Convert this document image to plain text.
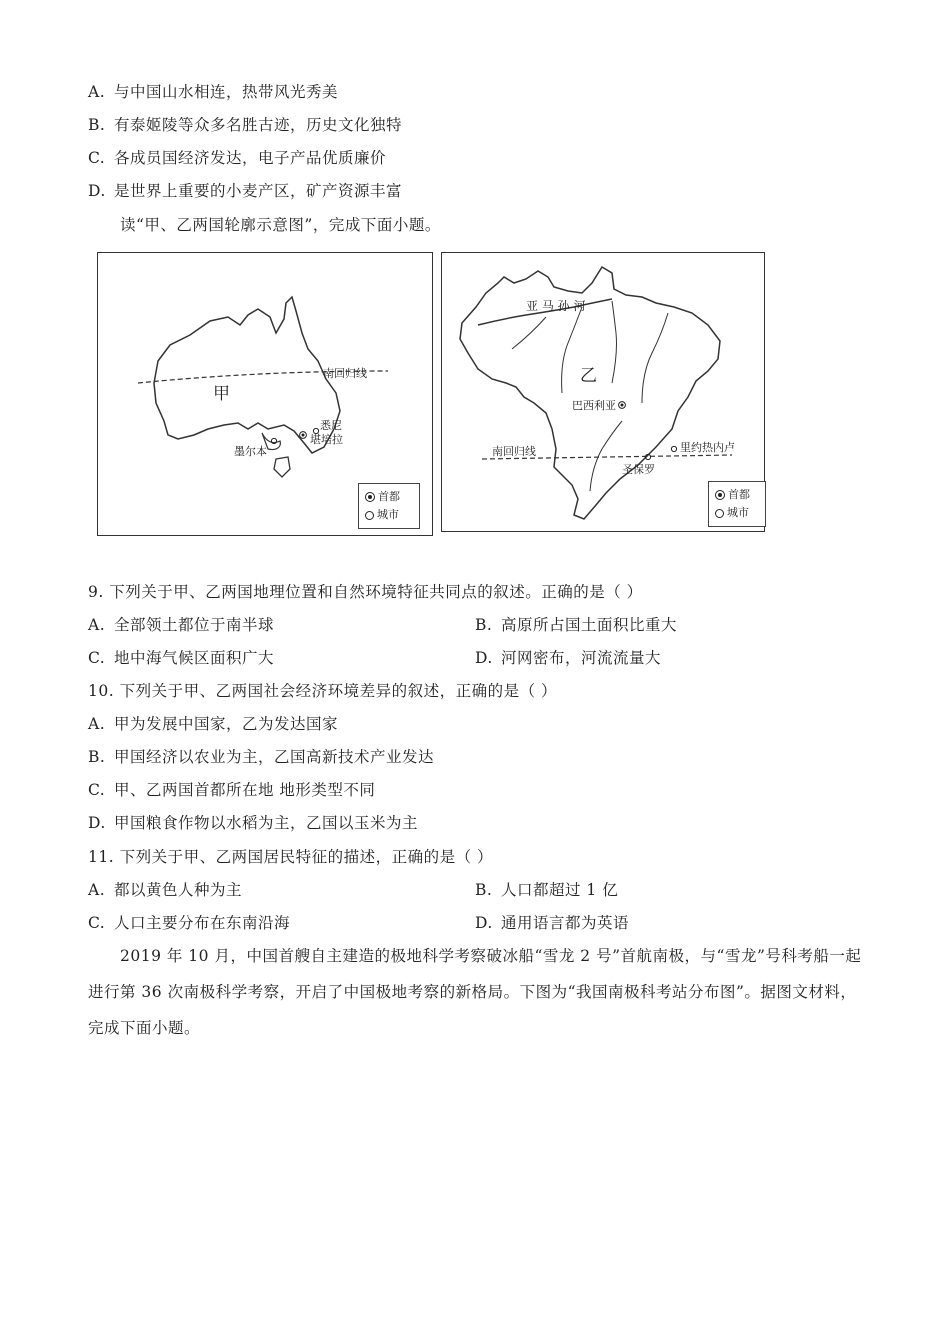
A. 与中国山水相连，热带风光秀美
B. 有泰姬陵等众多名胜古迹，历史文化独特
C. 各成员国经济发达，电子产品优质廉价
D. 是世界上重要的小麦产区，矿产资源丰富
读“甲、乙两国轮廓示意图”，完成下面小题。
甲
南回归线
悉尼
堪培拉
墨尔本
首都
城市
亚 马 孙 河
乙
巴西利亚
南回归线	里约热内卢
圣保罗
首都
城市
9. 下列关于甲、乙两国地理位置和自然环境特征共同点的叙述。正确的是（ ）
A. 全部领土都位于南半球	B. 高原所占国土面积比重大
C. 地中海气候区面积广大	D. 河网密布，河流流量大
10. 下列关于甲、乙两国社会经济环境差异的叙述，正确的是（ ）
A. 甲为发展中国家，乙为发达国家
B. 甲国经济以农业为主，乙国高新技术产业发达
C. 甲、乙两国首都所在地 地形类型不同
D. 甲国粮食作物以水稻为主，乙国以玉米为主
11. 下列关于甲、乙两国居民特征的描述，正确的是（ ）
A. 都以黄色人种为主	B. 人口都超过 1 亿
C. 人口主要分布在东南沿海	D. 通用语言都为英语
2019 年 10 月，中国首艘自主建造的极地科学考察破冰船“雪龙 2 号”首航南极，与“雪龙”号科考船一起进行第 36 次南极科学考察，开启了中国极地考察的新格局。下图为“我国南极科考站分布图”。据图文材料，完成下面小题。
